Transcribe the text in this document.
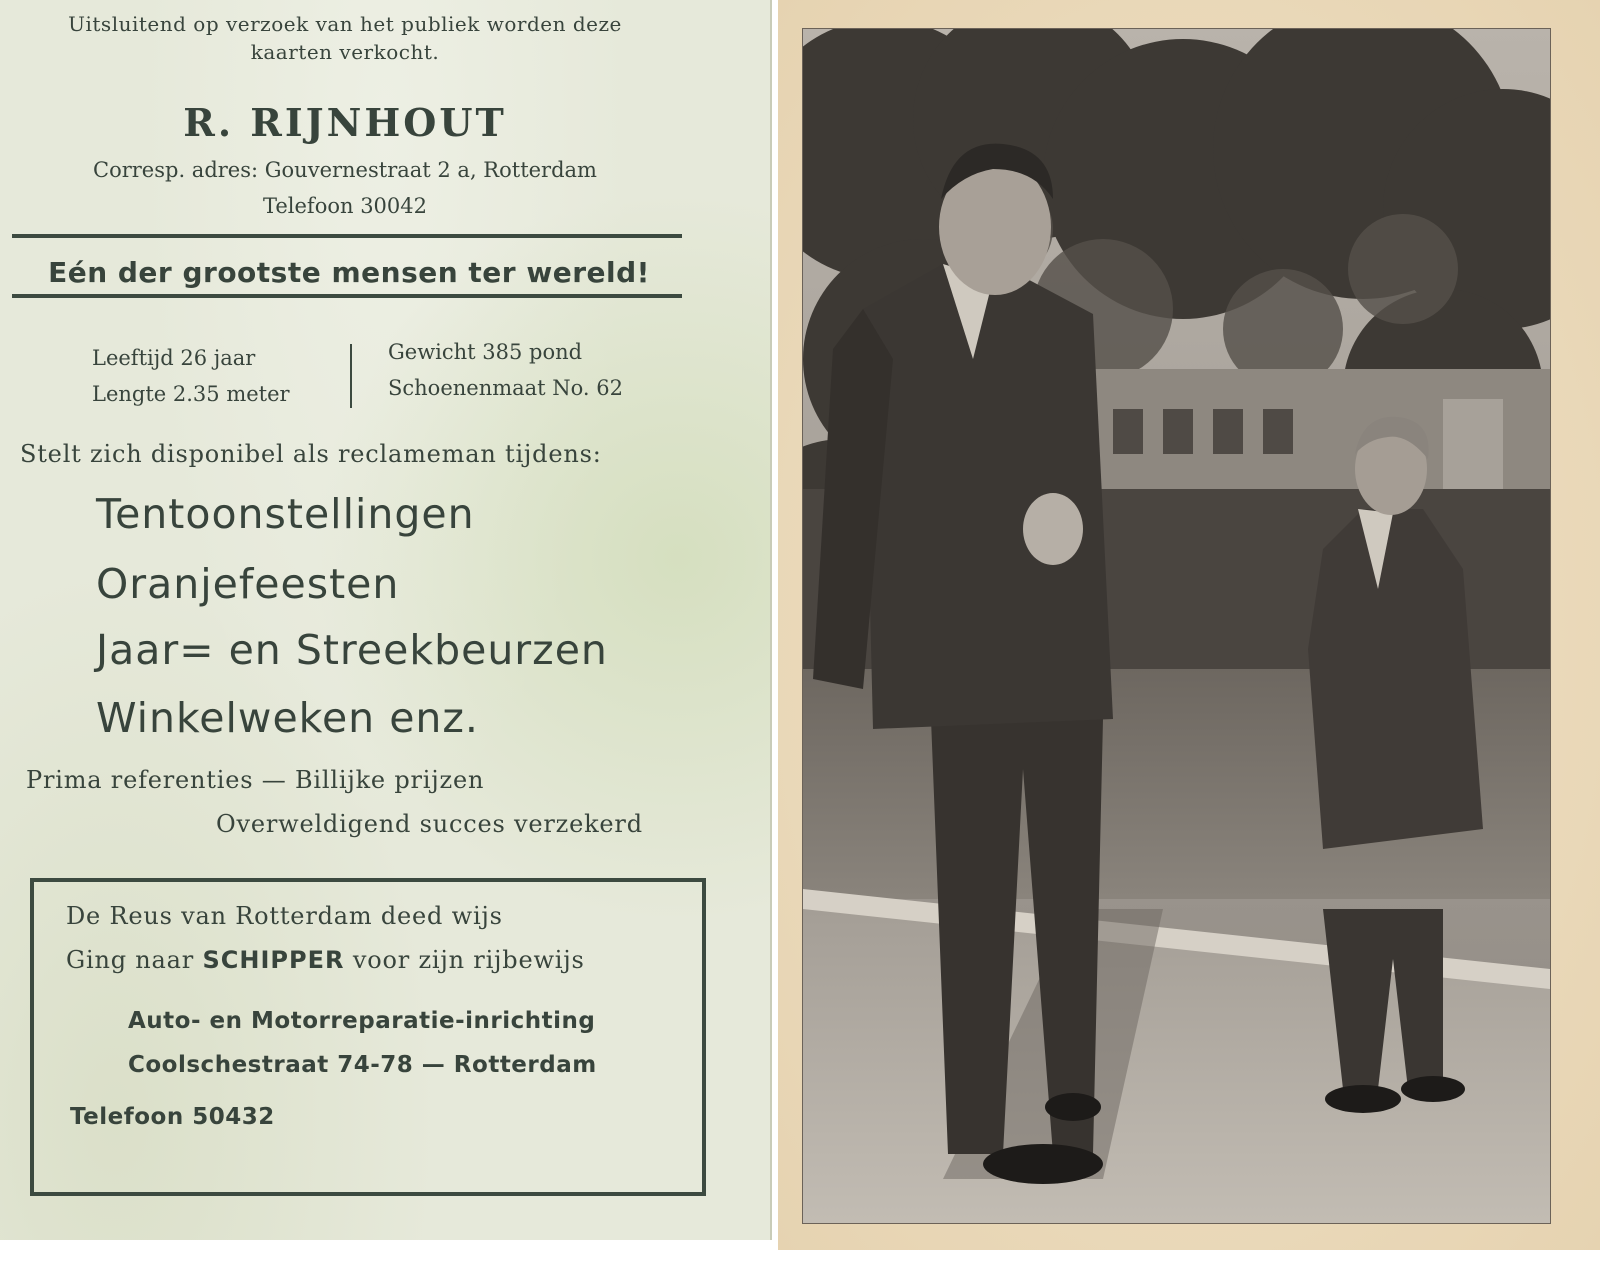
Uitsluitend op verzoek van het publiek worden deze
kaarten verkocht.
R. RIJNHOUT
Corresp. adres: Gouvernestraat 2 a, Rotterdam
Telefoon 30042
Eén der grootste mensen ter wereld!
Leeftijd 26 jaar
Lengte 2.35 meter
Gewicht 385 pond
Schoenenmaat No. 62
Stelt zich disponibel als reclameman tijdens:
Tentoonstellingen
Oranjefeesten
Jaar= en Streekbeurzen
Winkelweken enz.
Prima referenties — Billijke prijzen
Overweldigend succes verzekerd
De Reus van Rotterdam deed wijs
Ging naar SCHIPPER voor zijn rijbewijs
Auto- en Motorreparatie-inrichting
Coolschestraat 74-78 — Rotterdam
Telefoon 50432
